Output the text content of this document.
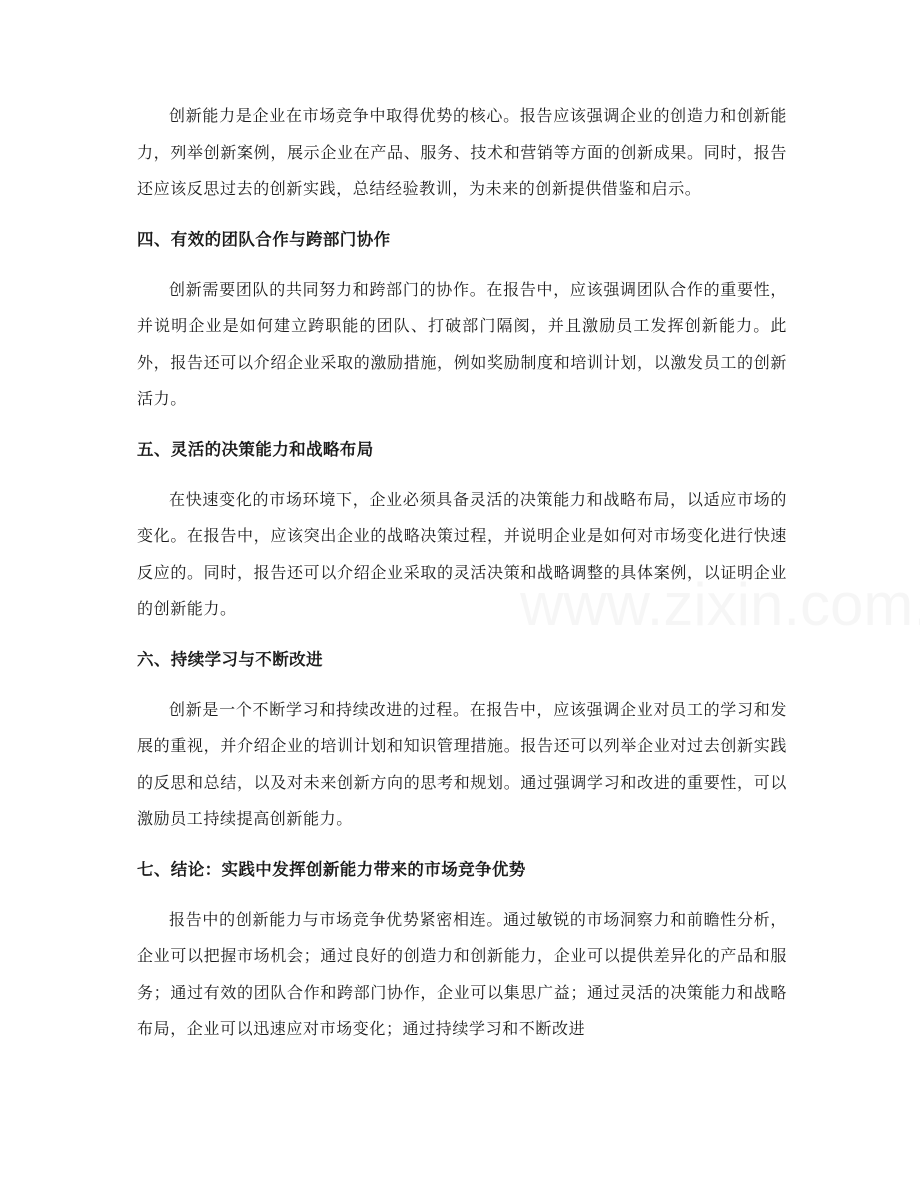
创新能力是企业在市场竞争中取得优势的核心。报告应该强调企业的创造力和创新能力，列举创新案例，展示企业在产品、服务、技术和营销等方面的创新成果。同时，报告还应该反思过去的创新实践，总结经验教训，为未来的创新提供借鉴和启示。

四、有效的团队合作与跨部门协作

创新需要团队的共同努力和跨部门的协作。在报告中，应该强调团队合作的重要性，并说明企业是如何建立跨职能的团队、打破部门隔阂，并且激励员工发挥创新能力。此外，报告还可以介绍企业采取的激励措施，例如奖励制度和培训计划，以激发员工的创新活力。

五、灵活的决策能力和战略布局

在快速变化的市场环境下，企业必须具备灵活的决策能力和战略布局，以适应市场的变化。在报告中，应该突出企业的战略决策过程，并说明企业是如何对市场变化进行快速反应的。同时，报告还可以介绍企业采取的灵活决策和战略调整的具体案例，以证明企业的创新能力。

六、持续学习与不断改进

创新是一个不断学习和持续改进的过程。在报告中，应该强调企业对员工的学习和发展的重视，并介绍企业的培训计划和知识管理措施。报告还可以列举企业对过去创新实践的反思和总结，以及对未来创新方向的思考和规划。通过强调学习和改进的重要性，可以激励员工持续提高创新能力。

七、结论：实践中发挥创新能力带来的市场竞争优势

报告中的创新能力与市场竞争优势紧密相连。通过敏锐的市场洞察力和前瞻性分析，企业可以把握市场机会；通过良好的创造力和创新能力，企业可以提供差异化的产品和服务；通过有效的团队合作和跨部门协作，企业可以集思广益；通过灵活的决策能力和战略布局，企业可以迅速应对市场变化；通过持续学习和不断改进
